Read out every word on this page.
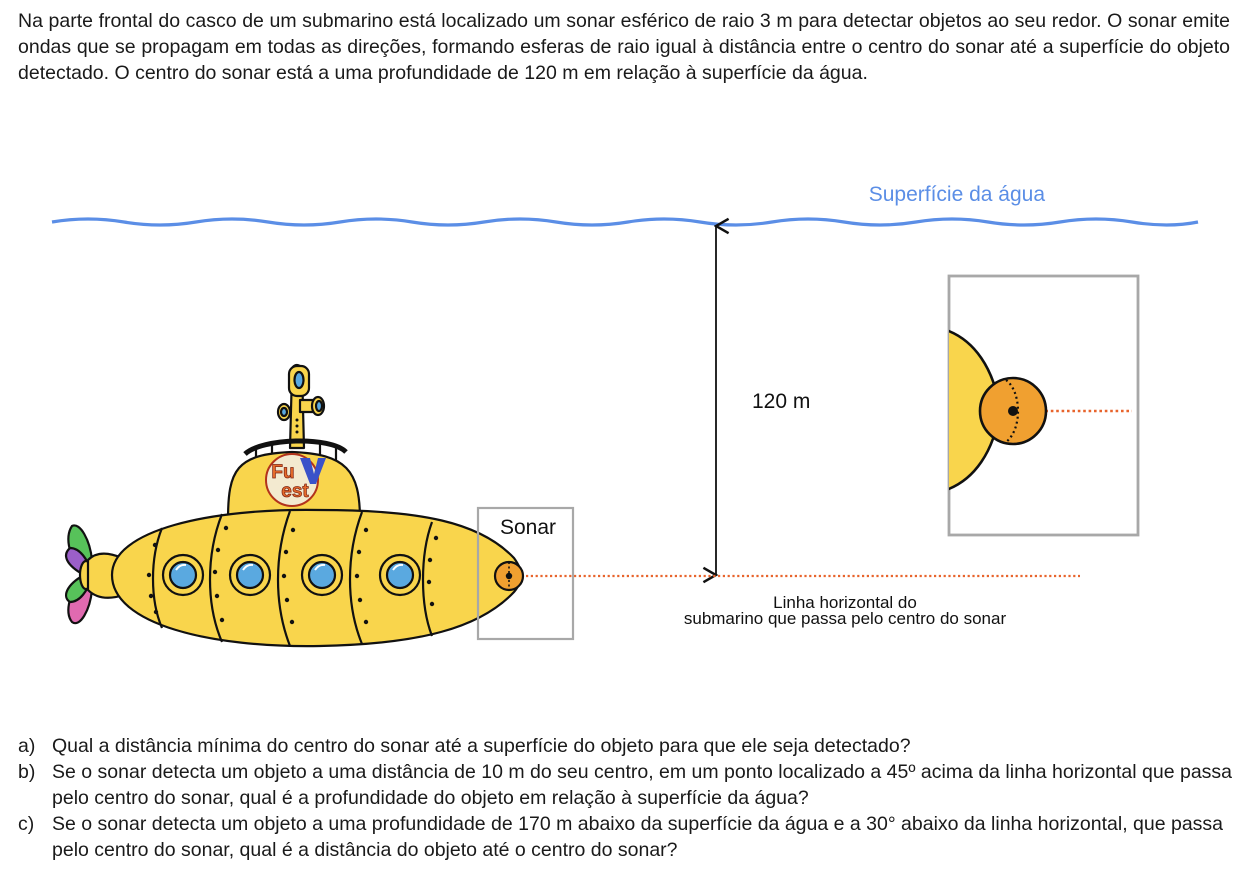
Na parte frontal do casco de um submarino está localizado um sonar esférico de raio 3 m para detectar objetos ao seu redor. O sonar emite ondas que se propagam em todas as direções, formando esferas de raio igual à distância entre o centro do sonar até a superfície do objeto detectado. O centro do sonar está a uma profundidade de 120 m em relação à superfície da água.

Superfície da água
120 m
Linha horizontal do
submarino que passa pelo centro do sonar
Fu
est
Sonar
a) Qual a distância mínima do centro do sonar até a superfície do objeto para que ele seja detectado?
b) Se o sonar detecta um objeto a uma distância de 10 m do seu centro, em um ponto localizado a 45º acima da linha horizontal que passa pelo centro do sonar, qual é a profundidade do objeto em relação à superfície da água?
c) Se o sonar detecta um objeto a uma profundidade de 170 m abaixo da superfície da água e a 30° abaixo da linha horizontal, que passa pelo centro do sonar, qual é a distância do objeto até o centro do sonar?
